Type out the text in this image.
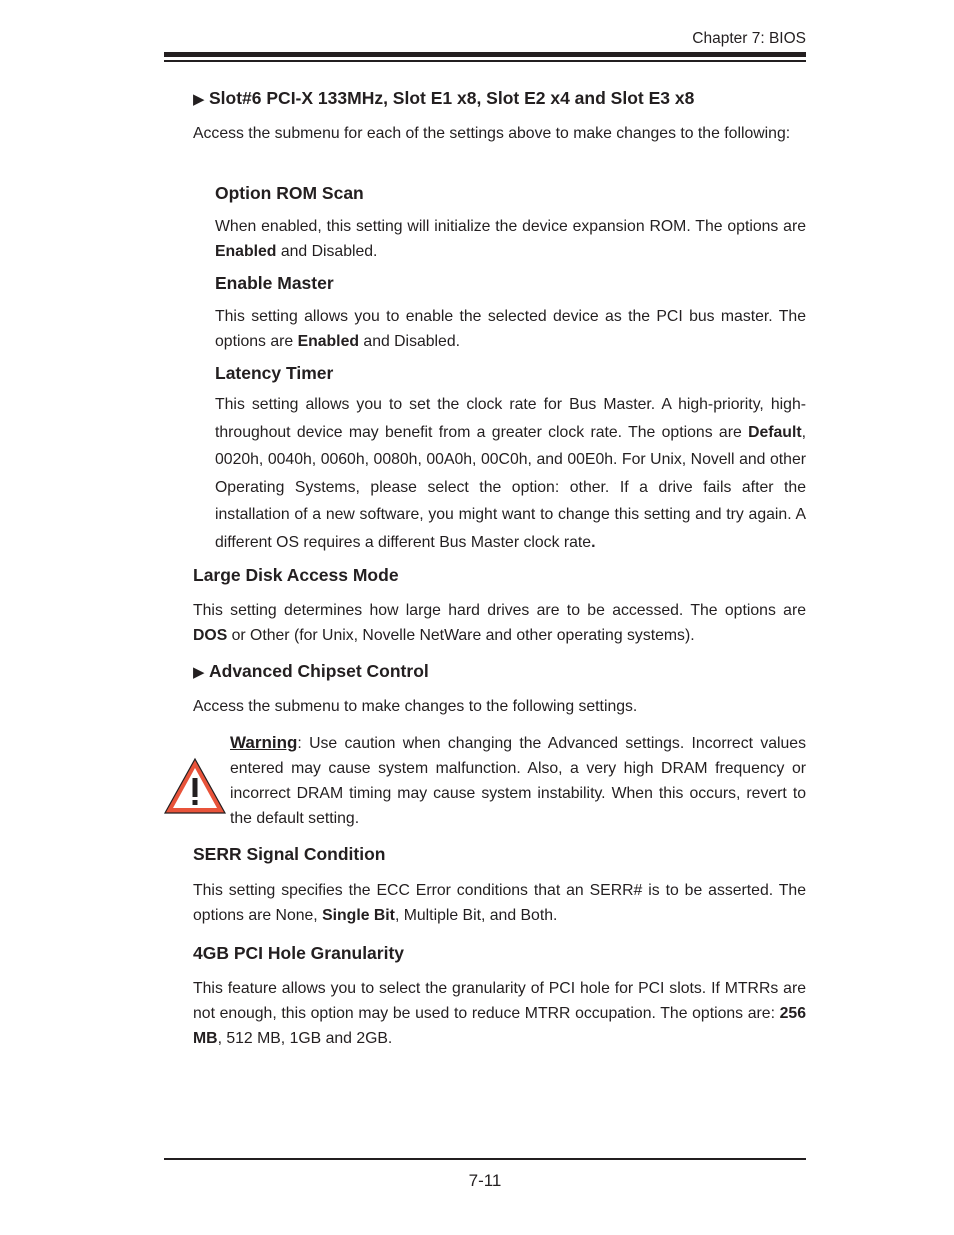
Chapter 7: BIOS
▶ Slot#6 PCI-X 133MHz, Slot E1 x8, Slot E2 x4 and Slot E3 x8

Access the submenu for each of the settings above to make changes to the following:

Option ROM Scan

When enabled, this setting will initialize the device expansion ROM. The options are Enabled and Disabled.

Enable Master

This setting allows you to enable the selected device as the PCI bus master. The options are Enabled and Disabled.

Latency Timer

This setting allows you to set the clock rate for Bus Master. A high-priority, high-throughout device may benefit from a greater clock rate. The options are Default, 0020h, 0040h, 0060h, 0080h, 00A0h, 00C0h, and 00E0h. For Unix, Novell and other Operating Systems, please select the option: other. If a drive fails after the installation of a new software, you might want to change this setting and try again. A different OS requires a different Bus Master clock rate.

Large Disk Access Mode

This setting determines how large hard drives are to be accessed. The options are DOS or Other (for Unix, Novelle NetWare and other operating systems).

▶ Advanced Chipset Control

Access the submenu to make changes to the following settings.

Warning: Use caution when changing the Advanced settings. Incorrect values entered may cause system malfunction. Also, a very high DRAM frequency or incorrect DRAM timing may cause system instability. When this occurs, revert to the default setting.

SERR Signal Condition

This setting specifies the ECC Error conditions that an SERR# is to be asserted. The options are None, Single Bit, Multiple Bit, and Both.

4GB PCI Hole Granularity

This feature allows you to select the granularity of PCI hole for PCI slots. If MTRRs are not enough, this option may be used to reduce MTRR occupation. The options are: 256 MB, 512 MB, 1GB and 2GB.

7-11
